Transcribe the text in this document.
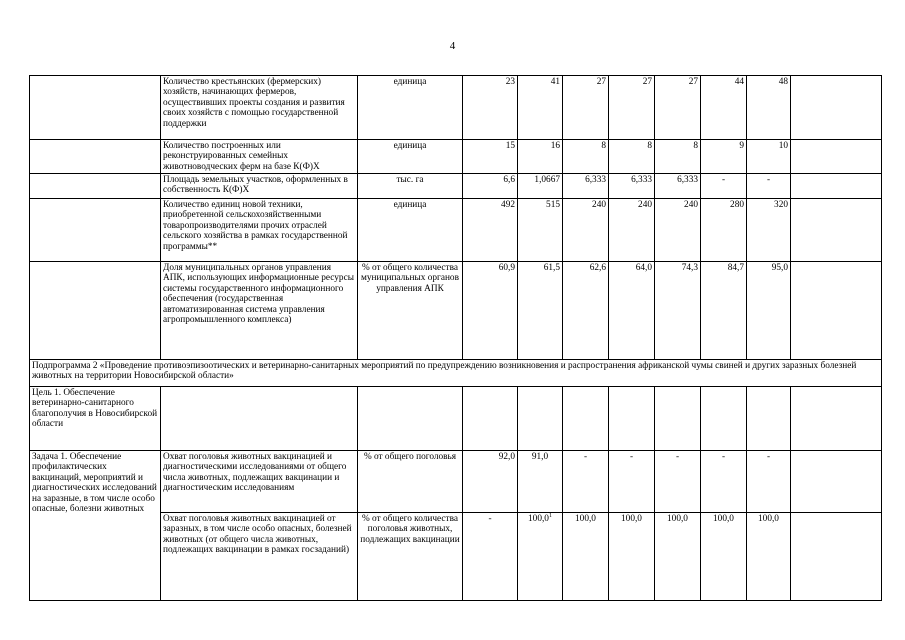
4
	Количество крестьянских (фермерских) хозяйств, начинающих фермеров, осуществивших проекты создания и развития своих хозяйств с помощью государственной поддержки	единица	23	41	27	27	27	44	48	
	Количество построенных или реконструированных семейных животноводческих ферм на базе К(Ф)Х	единица	15	16	8	8	8	9	10	
	Площадь земельных участков, оформленных в собственность К(Ф)Х	тыс. га	6,6	1,0667	6,333	6,333	6,333	-	-	
	Количество единиц новой техники, приобретенной сельскохозяйственными товаропроизводителями прочих отраслей сельского хозяйства в рамках государственной программы**	единица	492	515	240	240	240	280	320	
	Доля муниципальных органов управления АПК, использующих информационные ресурсы системы государственного информационного обеспечения (государственная автоматизированная система управления агропромышленного комплекса)	% от общего количества муниципальных органов управления АПК	60,9	61,5	62,6	64,0	74,3	84,7	95,0	
Подпрограмма 2 «Проведение противоэпизоотических и ветеринарно-санитарных мероприятий по предупреждению возникновения и распространения африканской чумы свиней и других заразных болезней животных на территории Новосибирской области»										
Цель 1. Обеспечение ветеринарно-санитарного благополучия в Новосибирской области										
Задача 1. Обеспечение профилактических вакцинаций, мероприятий и диагностических исследований на заразные, в том числе особо опасные, болезни животных	Охват поголовья животных вакцинацией и диагностическими исследованиями от общего числа животных, подлежащих вакцинации и диагностическим исследованиям	% от общего поголовья	92,0	91,0	-	-	-	-	-	
	Охват поголовья животных вакцинацией от заразных, в том числе особо опасных, болезней животных (от общего числа животных, подлежащих вакцинации в рамках госзаданий)	% от общего количества поголовья животных, подлежащих вакцинации	-	100,0$^1$	100,0	100,0	100,0	100,0	100,0	
